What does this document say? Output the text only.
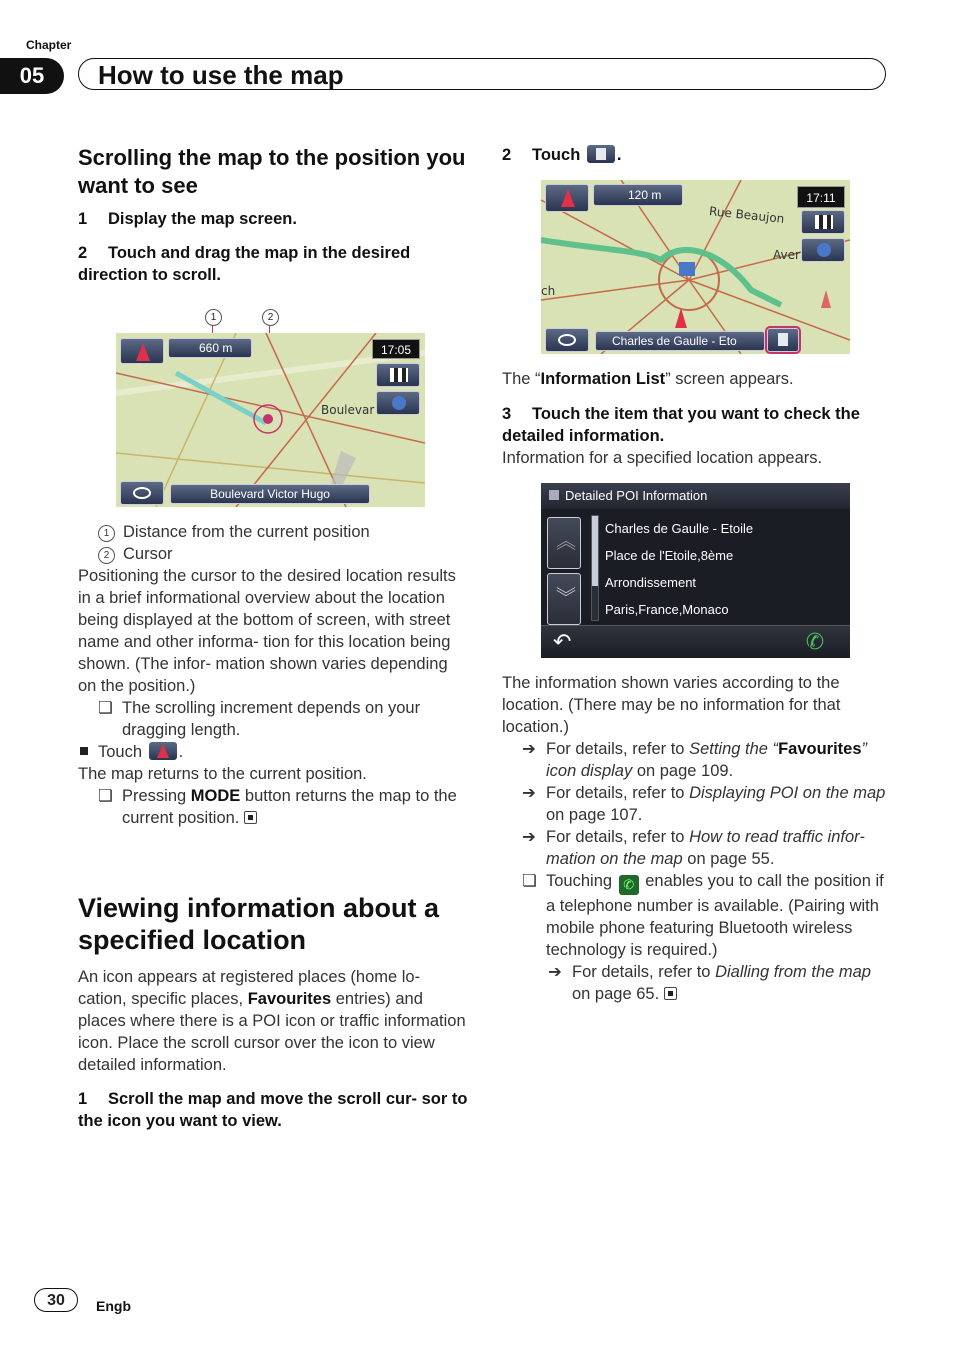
Chapter
05	How to use the map
Scrolling the map to the position you want to see
1 Display the map screen.
2 Touch and drag the map in the desired direction to scroll.
1	2
660 m	17:05
Boulevar
Boulevard Victor Hugo

1 Distance from the current position

2 Cursor

Positioning the cursor to the desired location results in a brief informational overview about the location being displayed at the bottom of screen, with street name and other informa- tion for this location being shown. (The infor- mation shown varies depending on the position.)

❏ The scrolling increment depends on your dragging length.

Touch .

The map returns to the current position.

❏ Pressing MODE button returns the map to the current position.

Viewing information about a specified location

An icon appears at registered places (home lo- cation, specific places, Favourites entries) and places where there is a POI icon or traffic information icon. Place the scroll cursor over the icon to view detailed information.

1 Scroll the map and move the scroll cur- sor to the icon you want to view.
2 Touch .
120 m	17:11
Rue Beaujon
Aver
ch
Charles de Gaulle - Eto

The “Information List” screen appears.

3 Touch the item that you want to check the detailed information.

Information for a specified location appears.

Detailed POI Information
︽
︾
Charles de Gaulle - Etoile
Place de l'Etoile,8ème
Arrondissement
Paris,France,Monaco
↶	✆

The information shown varies according to the location. (There may be no information for that location.)

➔ For details, refer to Setting the “Favourites” icon display on page 109.

➔ For details, refer to Displaying POI on the map on page 107.

➔ For details, refer to How to read traffic infor- mation on the map on page 55.

❏ Touching ✆ enables you to call the position if a telephone number is available. (Pairing with mobile phone featuring Bluetooth wireless technology is required.)

➔ For details, refer to Dialling from the map on page 65.

30	Engb
